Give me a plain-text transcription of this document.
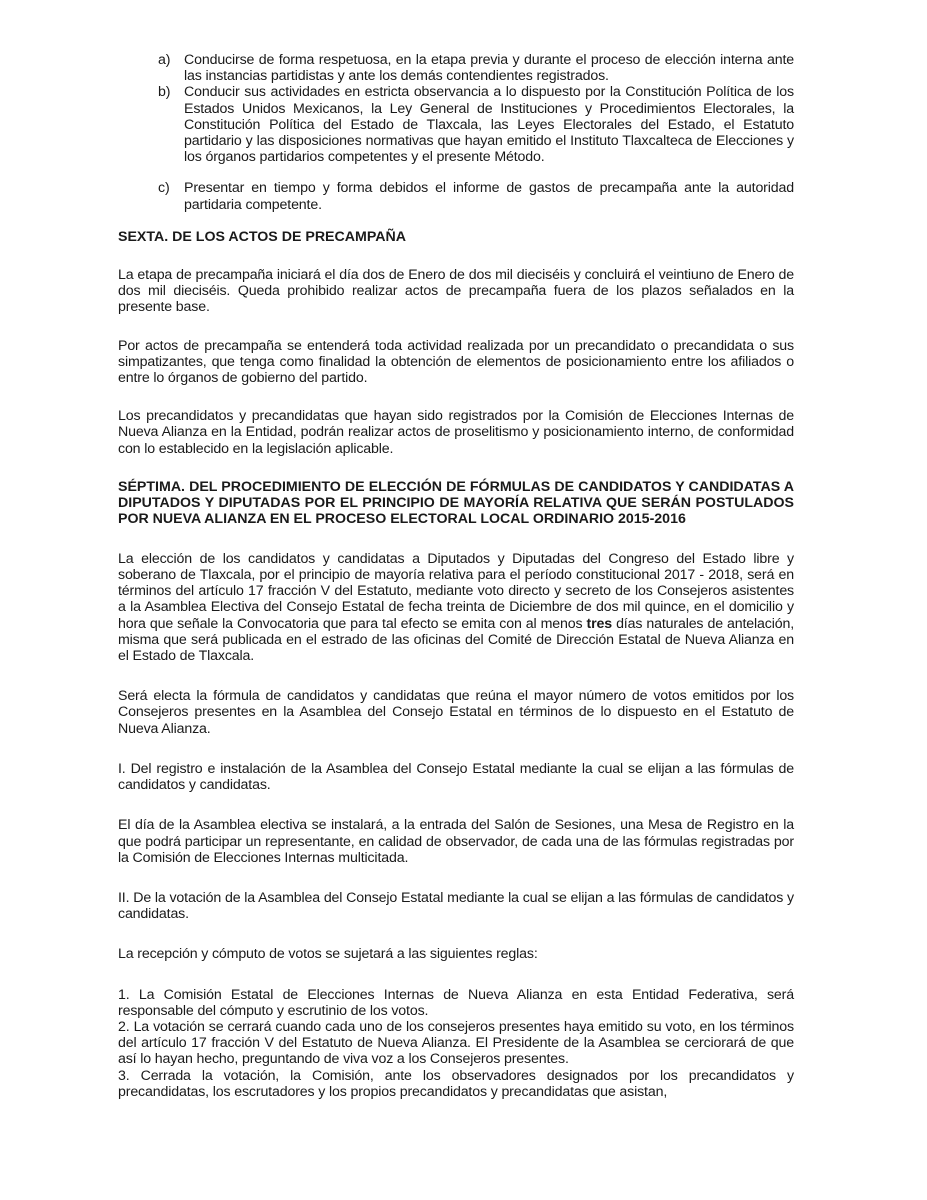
a) Conducirse de forma respetuosa, en la etapa previa y durante el proceso de elección interna ante las instancias partidistas y ante los demás contendientes registrados.
b) Conducir sus actividades en estricta observancia a lo dispuesto por la Constitución Política de los Estados Unidos Mexicanos, la Ley General de Instituciones y Procedimientos Electorales, la Constitución Política del Estado de Tlaxcala, las Leyes Electorales del Estado, el Estatuto partidario y las disposiciones normativas que hayan emitido el Instituto Tlaxcalteca de Elecciones y los órganos partidarios competentes y el presente Método.
c)	Presentar en tiempo y forma debidos el informe de gastos de precampaña ante la autoridad partidaria competente.
SEXTA. DE LOS ACTOS DE PRECAMPAÑA

La etapa de precampaña iniciará el día dos de Enero de dos mil dieciséis y concluirá el veintiuno de Enero de dos mil dieciséis. Queda prohibido realizar actos de precampaña fuera de los plazos señalados en la presente base.

Por actos de precampaña se entenderá toda actividad realizada por un precandidato o precandidata o sus simpatizantes, que tenga como finalidad la obtención de elementos de posicionamiento entre los afiliados o entre lo órganos de gobierno del partido.

Los precandidatos y precandidatas que hayan sido registrados por la Comisión de Elecciones Internas de Nueva Alianza en la Entidad, podrán realizar actos de proselitismo y posicionamiento interno, de conformidad con lo establecido en la legislación aplicable.

SÉPTIMA. DEL PROCEDIMIENTO DE ELECCIÓN DE FÓRMULAS DE CANDIDATOS Y CANDIDATAS A DIPUTADOS Y DIPUTADAS POR EL PRINCIPIO DE MAYORÍA RELATIVA QUE SERÁN POSTULADOS POR NUEVA ALIANZA EN EL PROCESO ELECTORAL LOCAL ORDINARIO 2015-2016

La elección de los candidatos y candidatas a Diputados y Diputadas del Congreso del Estado libre y soberano de Tlaxcala, por el principio de mayoría relativa para el período constitucional 2017 - 2018, será en términos del artículo 17 fracción V del Estatuto, mediante voto directo y secreto de los Consejeros asistentes a la Asamblea Electiva del Consejo Estatal de fecha treinta de Diciembre de dos mil quince, en el domicilio y hora que señale la Convocatoria que para tal efecto se emita con al menos tres días naturales de antelación, misma que será publicada en el estrado de las oficinas del Comité de Dirección Estatal de Nueva Alianza en el Estado de Tlaxcala.

Será electa la fórmula de candidatos y candidatas que reúna el mayor número de votos emitidos por los Consejeros presentes en la Asamblea del Consejo Estatal en términos de lo dispuesto en el Estatuto de Nueva Alianza.

I. Del registro e instalación de la Asamblea del Consejo Estatal mediante la cual se elijan a las fórmulas de candidatos y candidatas.

El día de la Asamblea electiva se instalará, a la entrada del Salón de Sesiones, una Mesa de Registro en la que podrá participar un representante, en calidad de observador, de cada una de las fórmulas registradas por la Comisión de Elecciones Internas multicitada.

II. De la votación de la Asamblea del Consejo Estatal mediante la cual se elijan a las fórmulas de candidatos y candidatas.

La recepción y cómputo de votos se sujetará a las siguientes reglas:

1. La Comisión Estatal de Elecciones Internas de Nueva Alianza en esta Entidad Federativa, será responsable del cómputo y escrutinio de los votos.

2. La votación se cerrará cuando cada uno de los consejeros presentes haya emitido su voto, en los términos del artículo 17 fracción V del Estatuto de Nueva Alianza. El Presidente de la Asamblea se cerciorará de que así lo hayan hecho, preguntando de viva voz a los Consejeros presentes.

3. Cerrada la votación, la Comisión, ante los observadores designados por los precandidatos y precandidatas, los escrutadores y los propios precandidatos y precandidatas que asistan,
